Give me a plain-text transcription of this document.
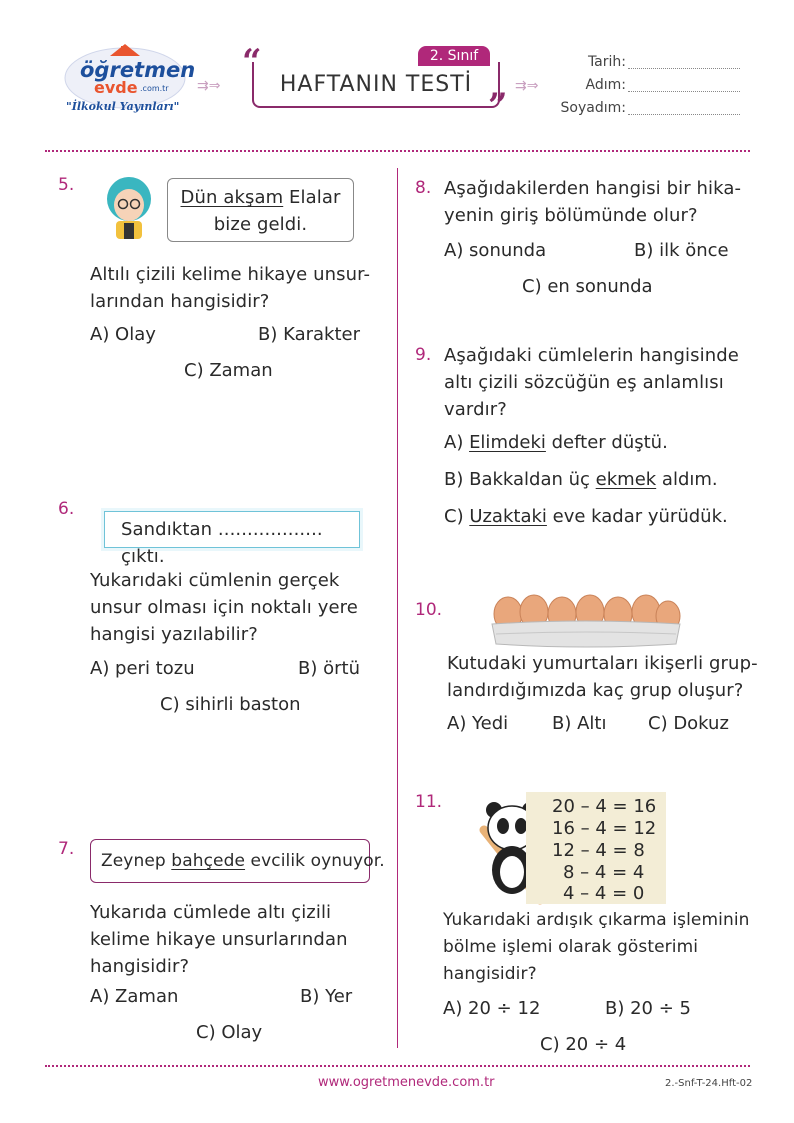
öğretmen
evde .com.tr
"İlkokul Yayınları"
⇉⇒	⇉⇒
“	2. Sınıf
HAFTANIN TESTİ
”
Tarih:
Adım:
Soyadım:
5.
Dün akşam Elalar
bize geldi.
Altılı çizili kelime hikaye unsur-
larından hangisidir?
A) Olay	B) Karakter
C) Zaman
6.
Sandıktan .................. çıktı.
Yukarıdaki cümlenin gerçek
unsur olması için noktalı yere
hangisi yazılabilir?
A) peri tozu	B) örtü
C) sihirli baston
7.
Zeynep bahçede evcilik oynuyor.
Yukarıda cümlede altı çizili
kelime hikaye unsurlarından
hangisidir?
A) Zaman	B) Yer
C) Olay
8. Aşağıdakilerden hangisi bir hika-
yenin giriş bölümünde olur?
A) sonunda	B) ilk önce
C) en sonunda
9. Aşağıdaki cümlelerin hangisinde
altı çizili sözcüğün eş anlamlısı
vardır?
A) Elimdeki defter düştü.
B) Bakkaldan üç ekmek aldım.
C) Uzaktaki eve kadar yürüdük.
10.
Kutudaki yumurtaları ikişerli grup-
landırdığımızda kaç grup oluşur?
A) Yedi B) Altı C) Dokuz
11.	20 – 4 = 16
16 – 4 = 12
12 – 4 = 8
8 – 4 = 4
4 – 4 = 0
Yukarıdaki ardışık çıkarma işleminin
bölme işlemi olarak gösterimi
hangisidir?
A) 20 ÷ 12	B) 20 ÷ 5
C) 20 ÷ 4
www.ogretmenevde.com.tr	2.-Snf-T-24.Hft-02
